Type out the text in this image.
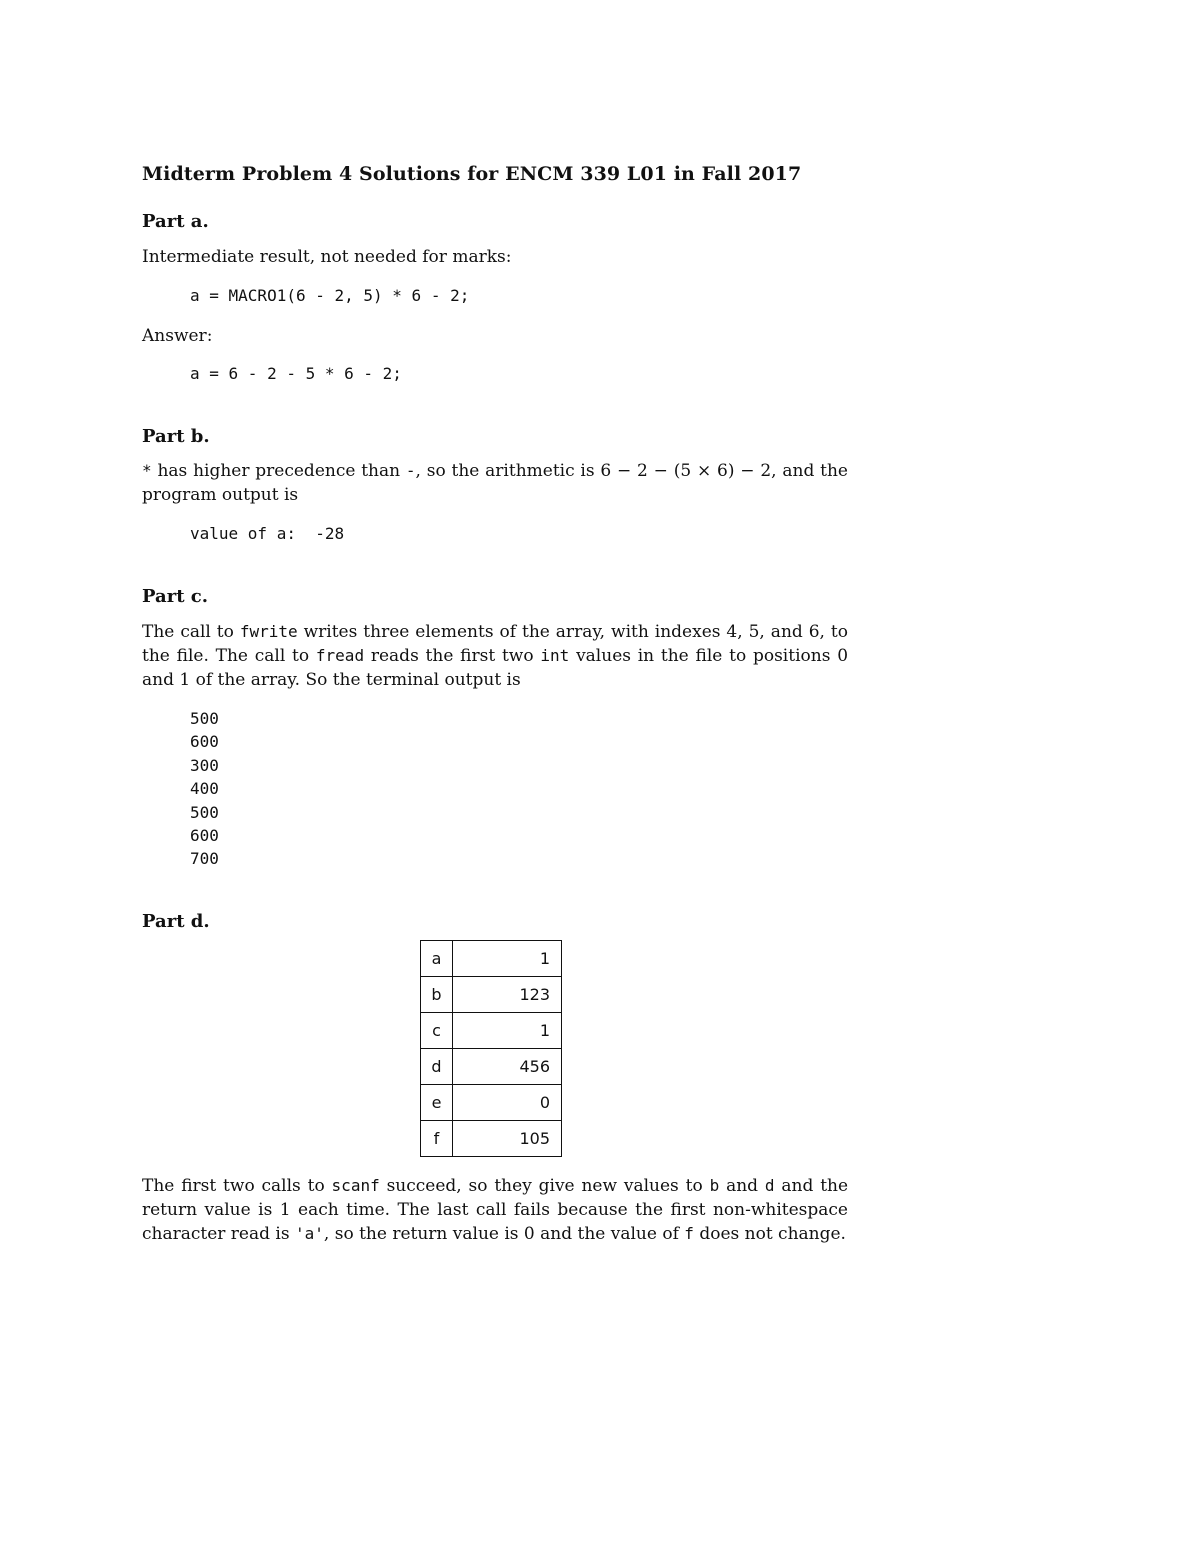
Midterm Problem 4 Solutions for ENCM 339 L01 in Fall 2017
Part a.
Intermediate result, not needed for marks:
a = MACRO1(6 - 2, 5) * 6 - 2;
Answer:
a = 6 - 2 - 5 * 6 - 2;
Part b.
* has higher precedence than -, so the arithmetic is 6 − 2 − (5 × 6) − 2, and the
program output is
value of a:  -28
Part c.
The call to fwrite writes three elements of the array, with indexes 4, 5, and 6, to
the file. The call to fread reads the first two int values in the file to positions 0
and 1 of the array. So the terminal output is
500
600
300
400
500
600
700
Part d.
a	1
b	123
c	1
d	456
e	0
f	105
The first two calls to scanf succeed, so they give new values to b and d and the
return value is 1 each time. The last call fails because the first non-whitespace
character read is 'a', so the return value is 0 and the value of f does not change.
